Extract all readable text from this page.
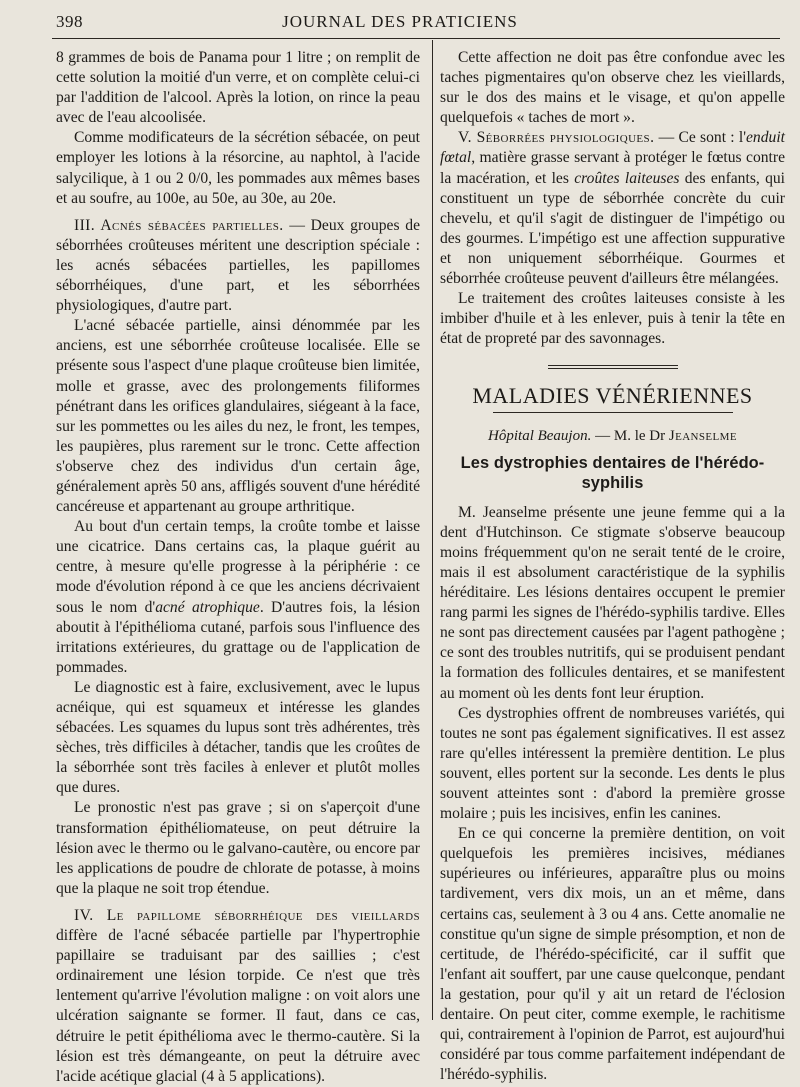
398	JOURNAL DES PRATICIENS

8 grammes de bois de Panama pour 1 litre ; on remplit de cette solution la moitié d'un verre, et on complète celui-ci par l'addition de l'alcool. Après la lotion, on rince la peau avec de l'eau alcoolisée.

Comme modificateurs de la sécrétion sébacée, on peut employer les lotions à la résorcine, au naphtol, à l'acide salycilique, à 1 ou 2 0/0, les pommades aux mêmes bases et au soufre, au 100e, au 50e, au 30e, au 20e.

III. Acnés sébacées partielles. — Deux groupes de séborrhées croûteuses méritent une description spéciale : les acnés sébacées partielles, les papillomes séborrhéiques, d'une part, et les séborrhées physiologiques, d'autre part.

L'acné sébacée partielle, ainsi dénommée par les anciens, est une séborrhée croûteuse localisée. Elle se présente sous l'aspect d'une plaque croûteuse bien limitée, molle et grasse, avec des prolongements filiformes pénétrant dans les orifices glandulaires, siégeant à la face, sur les pommettes ou les ailes du nez, le front, les tempes, les paupières, plus rarement sur le tronc. Cette affection s'observe chez des individus d'un certain âge, généralement après 50 ans, affligés souvent d'une hérédité cancéreuse et appartenant au groupe arthritique.

Au bout d'un certain temps, la croûte tombe et laisse une cicatrice. Dans certains cas, la plaque guérit au centre, à mesure qu'elle progresse à la périphérie : ce mode d'évolution répond à ce que les anciens décrivaient sous le nom d'acné atrophique. D'autres fois, la lésion aboutit à l'épithélioma cutané, parfois sous l'influence des irritations extérieures, du grattage ou de l'application de pommades.

Le diagnostic est à faire, exclusivement, avec le lupus acnéique, qui est squameux et intéresse les glandes sébacées. Les squames du lupus sont très adhérentes, très sèches, très difficiles à détacher, tandis que les croûtes de la séborrhée sont très faciles à enlever et plutôt molles que dures.

Le pronostic n'est pas grave ; si on s'aperçoit d'une transformation épithéliomateuse, on peut détruire la lésion avec le thermo ou le galvano-cautère, ou encore par les applications de poudre de chlorate de potasse, à moins que la plaque ne soit trop étendue.

IV. Le papillome séborrhéique des vieillards diffère de l'acné sébacée partielle par l'hypertrophie papillaire se traduisant par des saillies ; c'est ordinairement une lésion torpide. Ce n'est que très lentement qu'arrive l'évolution maligne : on voit alors une ulcération saignante se former. Il faut, dans ce cas, détruire le petit épithélioma avec le thermo-cautère. Si la lésion est très démangeante, on peut la détruire avec l'acide acétique glacial (4 à 5 applications).

Cette affection ne doit pas être confondue avec les taches pigmentaires qu'on observe chez les vieillards, sur le dos des mains et le visage, et qu'on appelle quelquefois « taches de mort ».

V. Séborrées physiologiques. — Ce sont : l'enduit fœtal, matière grasse servant à protéger le fœtus contre la macération, et les croûtes laiteuses des enfants, qui constituent un type de séborrhée concrète du cuir chevelu, et qu'il s'agit de distinguer de l'impétigo ou des gourmes. L'impétigo est une affection suppurative et non uniquement séborrhéique. Gourmes et séborrhée croûteuse peuvent d'ailleurs être mélangées.

Le traitement des croûtes laiteuses consiste à les imbiber d'huile et à les enlever, puis à tenir la tête en état de propreté par des savonnages.

MALADIES VÉNÉRIENNES
Hôpital Beaujon. — M. le Dr Jeanselme
Les dystrophies dentaires de l'hérédo-syphilis

M. Jeanselme présente une jeune femme qui a la dent d'Hutchinson. Ce stigmate s'observe beaucoup moins fréquemment qu'on ne serait tenté de le croire, mais il est absolument caractéristique de la syphilis héréditaire. Les lésions dentaires occupent le premier rang parmi les signes de l'hérédo-syphilis tardive. Elles ne sont pas directement causées par l'agent pathogène ; ce sont des troubles nutritifs, qui se produisent pendant la formation des follicules dentaires, et se manifestent au moment où les dents font leur éruption.

Ces dystrophies offrent de nombreuses variétés, qui toutes ne sont pas également significatives. Il est assez rare qu'elles intéressent la première dentition. Le plus souvent, elles portent sur la seconde. Les dents le plus souvent atteintes sont : d'abord la première grosse molaire ; puis les incisives, enfin les canines.

En ce qui concerne la première dentition, on voit quelquefois les premières incisives, médianes supérieures ou inférieures, apparaître plus ou moins tardivement, vers dix mois, un an et même, dans certains cas, seulement à 3 ou 4 ans. Cette anomalie ne constitue qu'un signe de simple présomption, et non de certitude, de l'hérédo-spécificité, car il suffit que l'enfant ait souffert, par une cause quelconque, pendant la gestation, pour qu'il y ait un retard de l'éclosion dentaire. On peut citer, comme exemple, le rachitisme qui, contrairement à l'opinion de Parrot, est aujourd'hui considéré par tous comme parfaitement indépendant de l'hérédo-syphilis.
